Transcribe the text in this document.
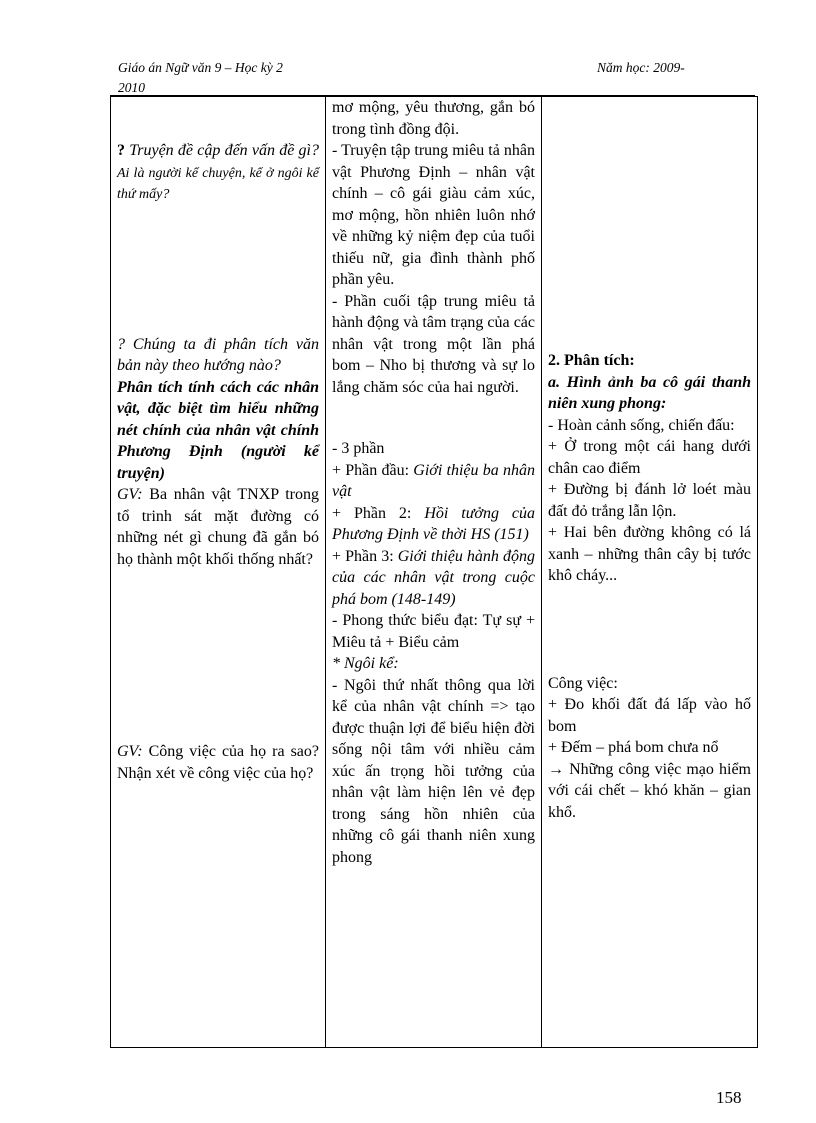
Giáo án Ngữ văn 9 – Học kỳ 2
2010
Năm học: 2009-
? Truyện đề cập đến vấn đề gì? Ai là người kể chuyện, kể ở ngôi kể thứ mấy?
? Chúng ta đi phân tích văn bản này theo hướng nào?
Phân tích tính cách các nhân vật, đặc biệt tìm hiểu những nét chính của nhân vật chính Phương Định (người kể truyện)
GV: Ba nhân vật TNXP trong tổ trinh sát mặt đường có những nét gì chung đã gắn bó họ thành một khối thống nhất?
GV: Công việc của họ ra sao? Nhận xét về công việc của họ?

mơ mộng, yêu thương, gắn bó trong tình đồng đội.
- Truyện tập trung miêu tả nhân vật Phương Định – nhân vật chính – cô gái giàu cảm xúc, mơ mộng, hồn nhiên luôn nhớ về những kỷ niệm đẹp của tuổi thiếu nữ, gia đình thành phố phần yêu.
- Phần cuối tập trung miêu tả hành động và tâm trạng của các nhân vật trong một lần phá bom – Nho bị thương và sự lo lắng chăm sóc của hai người.
- 3 phần
+ Phần đầu: Giới thiệu ba nhân vật
+ Phần 2: Hồi tưởng của Phương Định về thời HS (151)
+ Phần 3: Giới thiệu hành động của các nhân vật trong cuộc phá bom (148-149)
- Phong thức biểu đạt: Tự sự + Miêu tả + Biểu cảm
* Ngôi kể:
- Ngôi thứ nhất thông qua lời kể của nhân vật chính => tạo được thuận lợi để biểu hiện đời sống nội tâm với nhiều cảm xúc ấn trọng hồi tưởng của nhân vật làm hiện lên vẻ đẹp trong sáng hồn nhiên của những cô gái thanh niên xung phong

2. Phân tích:
a. Hình ảnh ba cô gái thanh niên xung phong:
- Hoàn cảnh sống, chiến đấu:
+ Ở trong một cái hang dưới chân cao điểm
+ Đường bị đánh lở loét màu đất đỏ trắng lẫn lộn.
+ Hai bên đường không có lá xanh – những thân cây bị tước khô cháy...
Công việc:
+ Đo khối đất đá lấp vào hố bom
+ Đếm – phá bom chưa nổ
→ Những công việc mạo hiểm với cái chết – khó khăn – gian khổ.
158
